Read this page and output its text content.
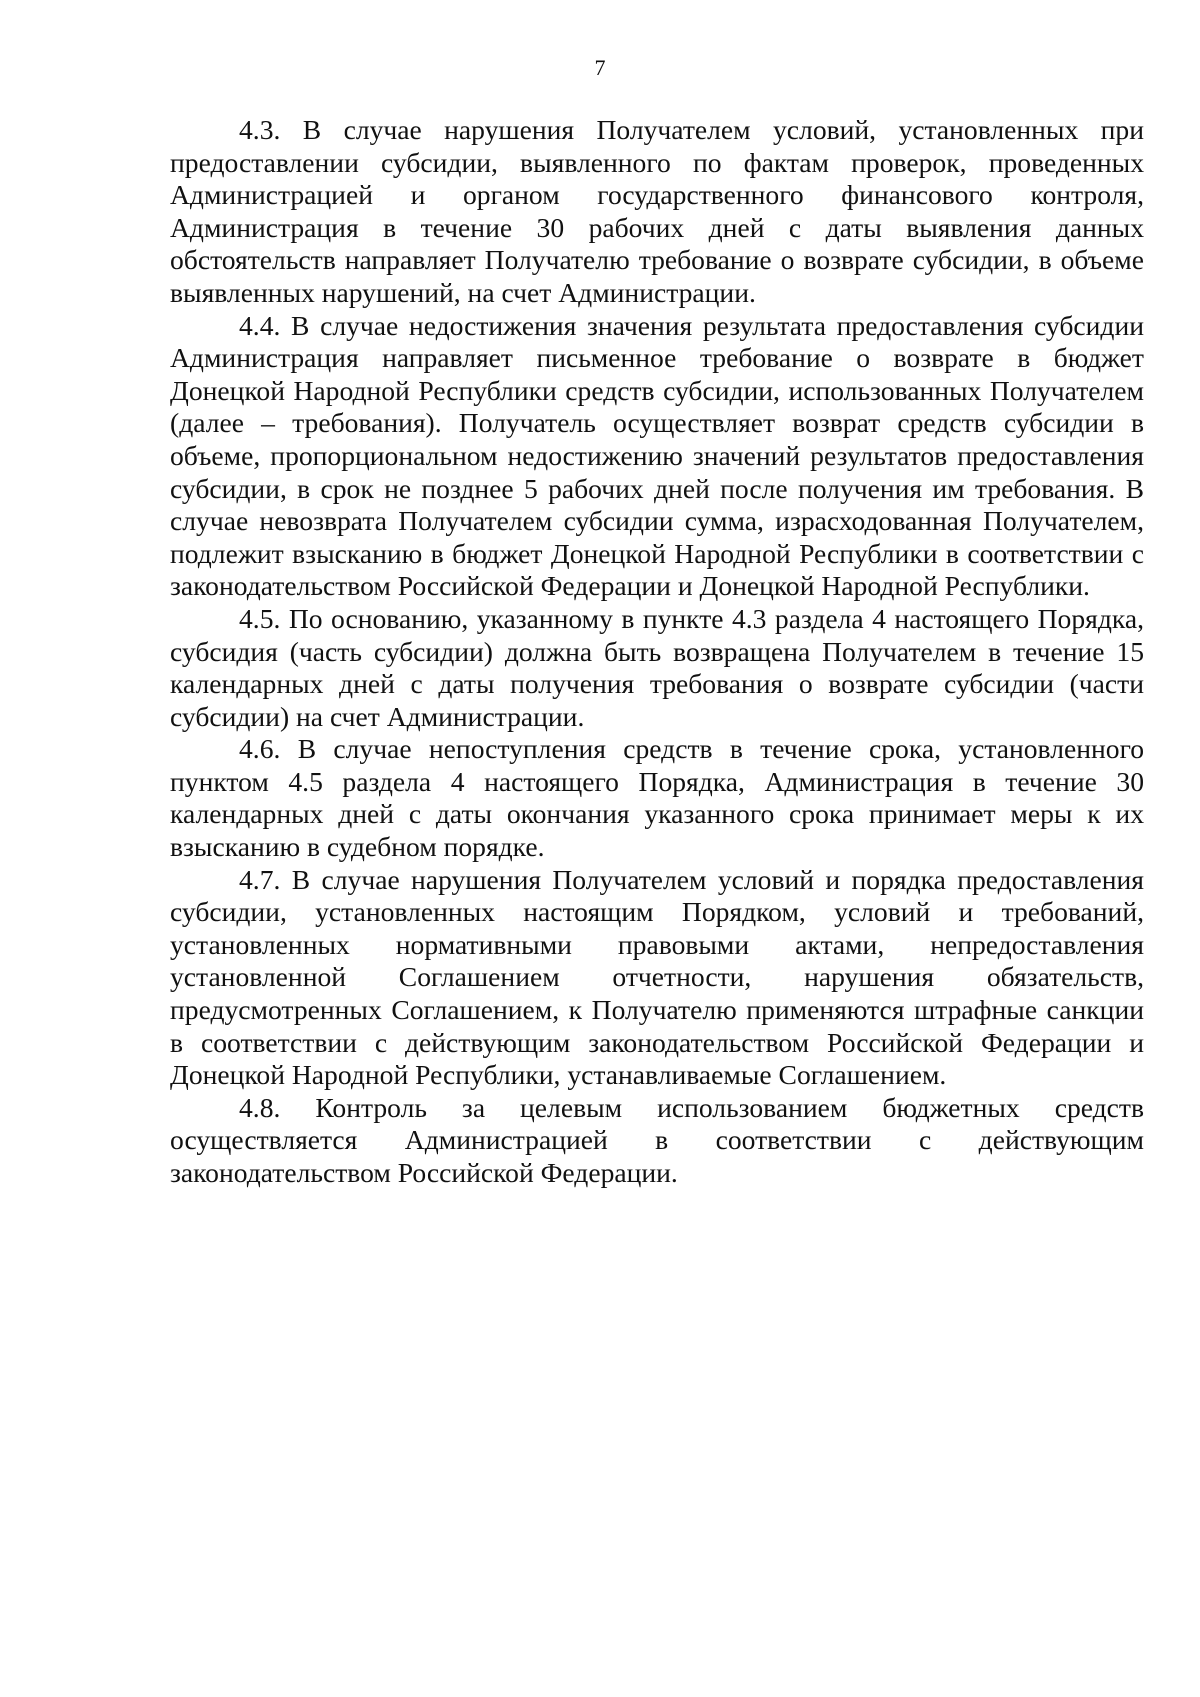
7

4.3. В случае нарушения Получателем условий, установленных при предоставлении субсидии, выявленного по фактам проверок, проведенных Администрацией и органом государственного финансового контроля, Администрация в течение 30 рабочих дней с даты выявления данных обстоятельств направляет Получателю требование о возврате субсидии, в объеме выявленных нарушений, на счет Администрации.

4.4. В случае недостижения значения результата предоставления субсидии Администрация направляет письменное требование о возврате в бюджет Донецкой Народной Республики средств субсидии, использованных Получателем (далее – требования). Получатель осуществляет возврат средств субсидии в объеме, пропорциональном недостижению значений результатов предоставления субсидии, в срок не позднее 5 рабочих дней после получения им требования. В случае невозврата Получателем субсидии сумма, израсходованная Получателем, подлежит взысканию в бюджет Донецкой Народной Республики в соответствии с законодательством Российской Федерации и Донецкой Народной Республики.

4.5. По основанию, указанному в пункте 4.3 раздела 4 настоящего Порядка, субсидия (часть субсидии) должна быть возвращена Получателем в течение 15 календарных дней с даты получения требования о возврате субсидии (части субсидии) на счет Администрации.

4.6. В случае непоступления средств в течение срока, установленного пунктом 4.5 раздела 4 настоящего Порядка, Администрация в течение 30 календарных дней с даты окончания указанного срока принимает меры к их взысканию в судебном порядке.

4.7. В случае нарушения Получателем условий и порядка предоставления субсидии, установленных настоящим Порядком, условий и требований, установленных нормативными правовыми актами, непредоставления установленной Соглашением отчетности, нарушения обязательств, предусмотренных Соглашением, к Получателю применяются штрафные санкции в соответствии с действующим законодательством Российской Федерации и Донецкой Народной Республики, устанавливаемые Соглашением.

4.8. Контроль за целевым использованием бюджетных средств осуществляется Администрацией в соответствии с действующим законодательством Российской Федерации.
